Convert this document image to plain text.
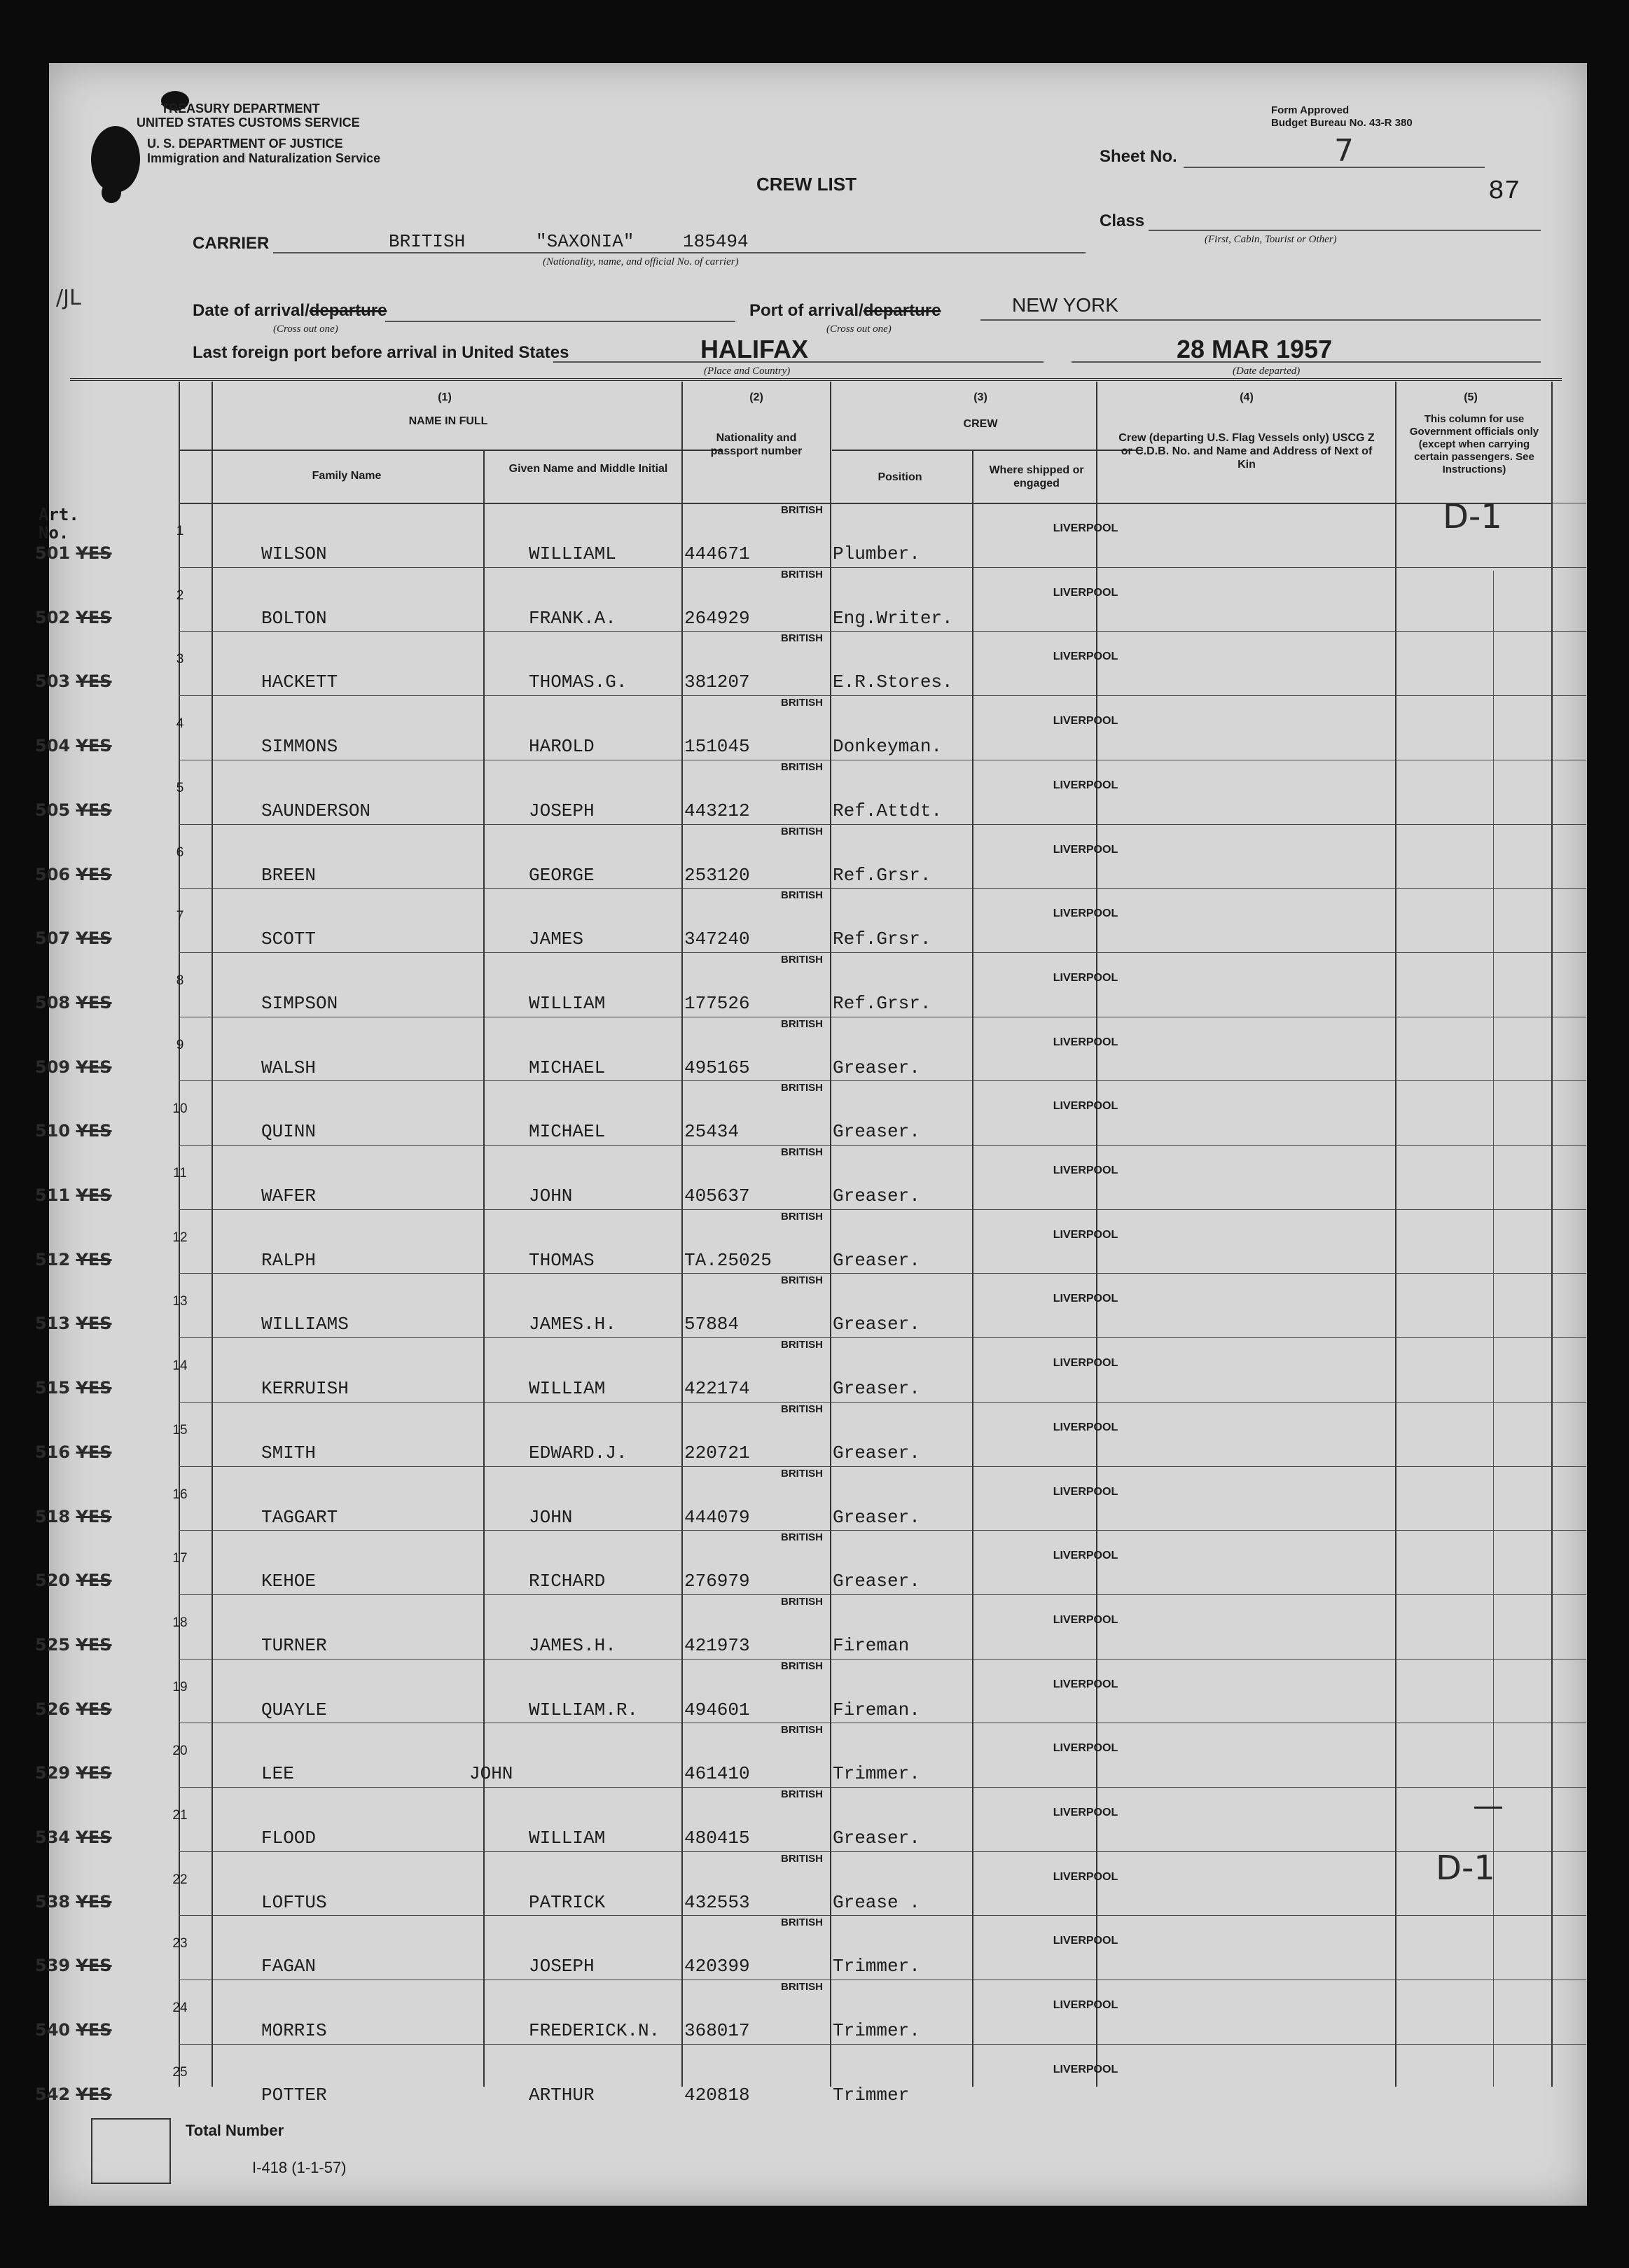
TREASURY DEPARTMENT
UNITED STATES CUSTOMS SERVICE
U. S. DEPARTMENT OF JUSTICE
Immigration and Naturalization Service
Form Approved
Budget Bureau No. 43-R 380
CREW LIST
Sheet No.	7
87
Class
(First, Cabin, Tourist or Other)
CARRIER	BRITISH	"SAXONIA"	185494
(Nationality, name, and official No. of carrier)
/JL
Date of arrival/departure
(Cross out one)
Port of arrival/departure	NEW YORK
(Cross out one)
Last foreign port before arrival in United States	HALIFAX
(Place and Country)
28 MAR 1957
(Date departed)
(1)
NAME IN FULL
Family Name
Given Name and Middle Initial
(2)
Nationality and passport number
(3)
CREW
Position
Where shipped or engaged
(4)
Crew (departing U.S. Flag Vessels only) USCG Z or C.D.B. No. and Name and Address of Next of Kin
(5)
This column for use Government officials only (except when carrying certain passengers. See Instructions)
Art. No.	D-1
D-1
501 YES
1
BRITISH
LIVERPOOL
WILSON	WILLIAML	444671	Plumber.
502 YES
2
BRITISH
LIVERPOOL
BOLTON	FRANK.A.	264929	Eng.Writer.
503 YES
3
BRITISH
LIVERPOOL
HACKETT	THOMAS.G.	381207	E.R.Stores.
504 YES
4
BRITISH
LIVERPOOL
SIMMONS	HAROLD	151045	Donkeyman.
505 YES
5
BRITISH
LIVERPOOL
SAUNDERSON	JOSEPH	443212	Ref.Attdt.
506 YES
6
BRITISH
LIVERPOOL
BREEN	GEORGE	253120	Ref.Grsr.
507 YES
7
BRITISH
LIVERPOOL
SCOTT	JAMES	347240	Ref.Grsr.
508 YES
8
BRITISH
LIVERPOOL
SIMPSON	WILLIAM	177526	Ref.Grsr.
509 YES
9
BRITISH
LIVERPOOL
WALSH	MICHAEL	495165	Greaser.
510 YES
10
BRITISH
LIVERPOOL
QUINN	MICHAEL	25434	Greaser.
511 YES
11
BRITISH
LIVERPOOL
WAFER	JOHN	405637	Greaser.
512 YES
12
BRITISH
LIVERPOOL
RALPH	THOMAS	TA.25025	Greaser.
513 YES
13
BRITISH
LIVERPOOL
WILLIAMS	JAMES.H.	57884	Greaser.
515 YES
14
BRITISH
LIVERPOOL
KERRUISH	WILLIAM	422174	Greaser.
516 YES
15
BRITISH
LIVERPOOL
SMITH	EDWARD.J.	220721	Greaser.
518 YES
16
BRITISH
LIVERPOOL
TAGGART	JOHN	444079	Greaser.
520 YES
17
BRITISH
LIVERPOOL
KEHOE	RICHARD	276979	Greaser.
525 YES
18
BRITISH
LIVERPOOL
TURNER	JAMES.H.	421973	Fireman
526 YES
19
BRITISH
LIVERPOOL
QUAYLE	WILLIAM.R.	494601	Fireman.
529 YES
20
BRITISH
LIVERPOOL
LEE	JOHN	461410	Trimmer.
534 YES
21
BRITISH
LIVERPOOL
FLOOD	WILLIAM	480415	Greaser.
538 YES
22
BRITISH
LIVERPOOL
LOFTUS	PATRICK	432553	Grease .
539 YES
23
BRITISH
LIVERPOOL
FAGAN	JOSEPH	420399	Trimmer.
540 YES
24
BRITISH
LIVERPOOL
MORRIS	FREDERICK.N. 368017	Trimmer.
542 YES
25	LIVERPOOL
POTTER	ARTHUR	420818	Trimmer
Total Number
I-418 (1-1-57)
